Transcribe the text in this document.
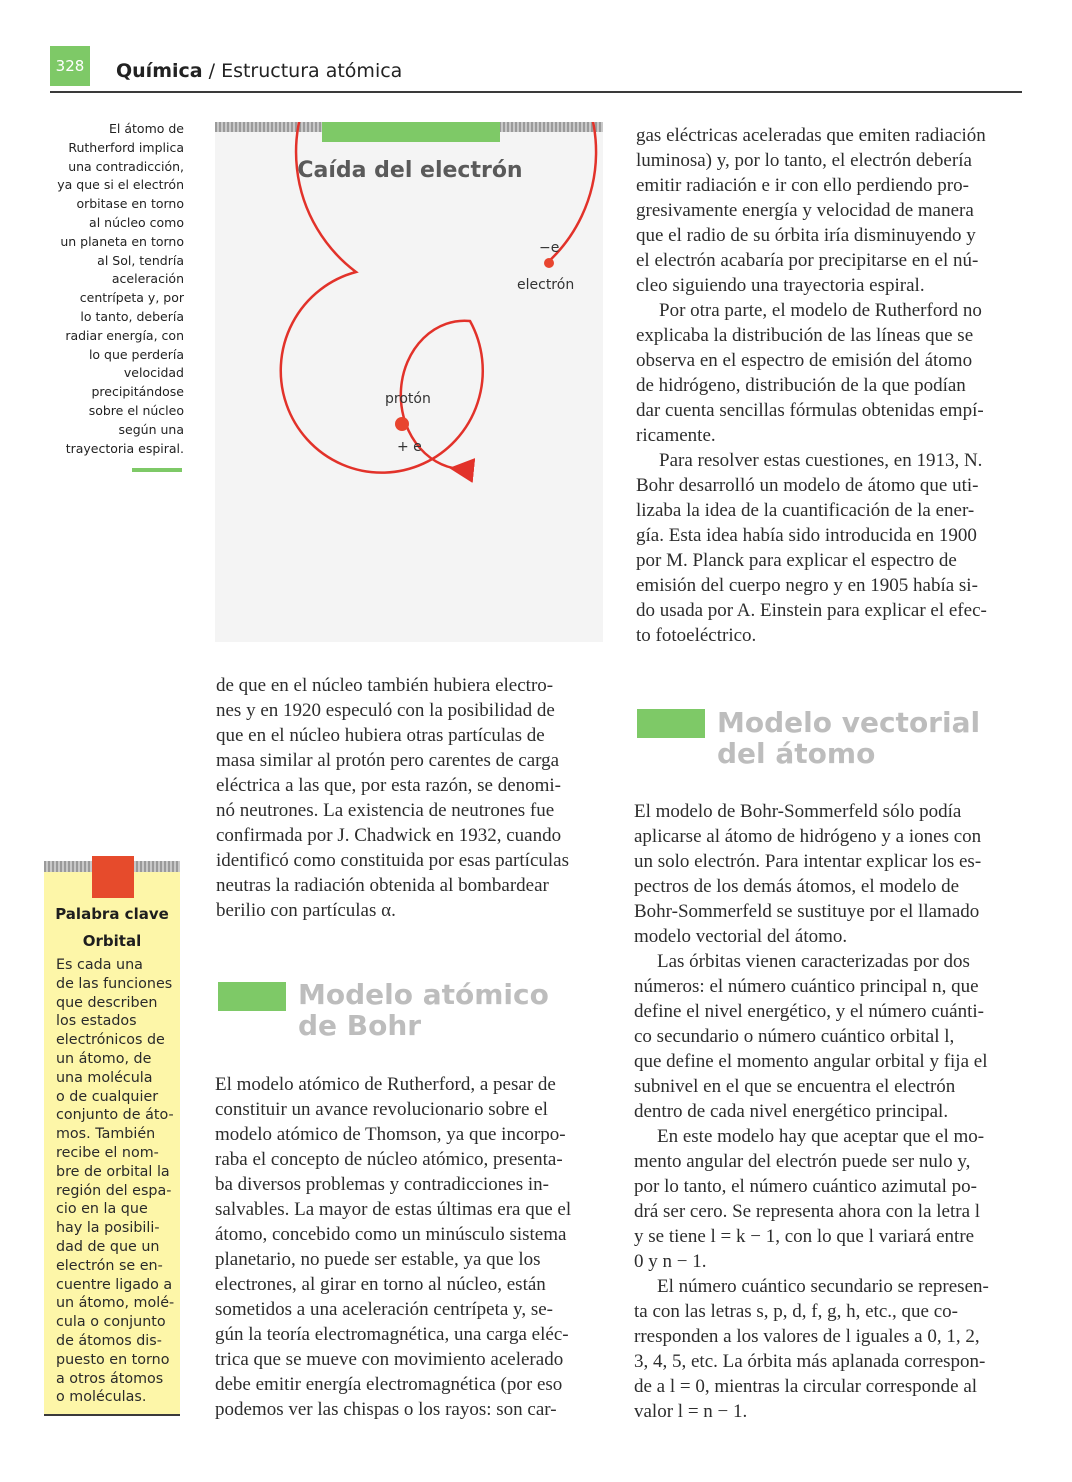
328 Química / Estructura atómica
El átomo de
Rutherford implica
una contradicción,
ya que si el electrón
orbitase en torno
al núcleo como
un planeta en torno
al Sol, tendría
aceleración
centrípeta y, por
lo tanto, debería
radiar energía, con
lo que perdería
velocidad
precipitándose
sobre el núcleo
según una
trayectoria espiral.
Caída del electrón
−e
electrón
protón
+ e

de que en el núcleo también hubiera electro-

nes y en 1920 especuló con la posibilidad de

que en el núcleo hubiera otras partículas de

masa similar al protón pero carentes de carga

eléctrica a las que, por esta razón, se denomi-

nó neutrones. La existencia de neutrones fue

confirmada por J. Chadwick en 1932, cuando

identificó como constituida por esas partículas

neutras la radiación obtenida al bombardear

berilio con partículas α.

Modelo atómico
de Bohr

El modelo atómico de Rutherford, a pesar de

constituir un avance revolucionario sobre el

modelo atómico de Thomson, ya que incorpo-

raba el concepto de núcleo atómico, presenta-

ba diversos problemas y contradicciones in-

salvables. La mayor de estas últimas era que el

átomo, concebido como un minúsculo sistema

planetario, no puede ser estable, ya que los

electrones, al girar en torno al núcleo, están

sometidos a una aceleración centrípeta y, se-

gún la teoría electromagnética, una carga eléc-

trica que se mueve con movimiento acelerado

debe emitir energía electromagnética (por eso

podemos ver las chispas o los rayos: son car-

gas eléctricas aceleradas que emiten radiación

luminosa) y, por lo tanto, el electrón debería

emitir radiación e ir con ello perdiendo pro-

gresivamente energía y velocidad de manera

que el radio de su órbita iría disminuyendo y

el electrón acabaría por precipitarse en el nú-

cleo siguiendo una trayectoria espiral.

Por otra parte, el modelo de Rutherford no

explicaba la distribución de las líneas que se

observa en el espectro de emisión del átomo

de hidrógeno, distribución de la que podían

dar cuenta sencillas fórmulas obtenidas empí-

ricamente.

Para resolver estas cuestiones, en 1913, N.

Bohr desarrolló un modelo de átomo que uti-

lizaba la idea de la cuantificación de la ener-

gía. Esta idea había sido introducida en 1900

por M. Planck para explicar el espectro de

emisión del cuerpo negro y en 1905 había si-

do usada por A. Einstein para explicar el efec-

to fotoeléctrico.

Modelo vectorial
del átomo

El modelo de Bohr-Sommerfeld sólo podía

aplicarse al átomo de hidrógeno y a iones con

un solo electrón. Para intentar explicar los es-

pectros de los demás átomos, el modelo de

Bohr-Sommerfeld se sustituye por el llamado

modelo vectorial del átomo.

Las órbitas vienen caracterizadas por dos

números: el número cuántico principal n, que

define el nivel energético, y el número cuánti-

co secundario o número cuántico orbital l,

que define el momento angular orbital y fija el

subnivel en el que se encuentra el electrón

dentro de cada nivel energético principal.

En este modelo hay que aceptar que el mo-

mento angular del electrón puede ser nulo y,

por lo tanto, el número cuántico azimutal po-

drá ser cero. Se representa ahora con la letra l

y se tiene l = k − 1, con lo que l variará entre

0 y n − 1.

El número cuántico secundario se represen-

ta con las letras s, p, d, f, g, h, etc., que co-

rresponden a los valores de l iguales a 0, 1, 2,

3, 4, 5, etc. La órbita más aplanada correspon-

de a l = 0, mientras la circular corresponde al

valor l = n − 1.

Palabra clave
Orbital
Es cada una
de las funciones
que describen
los estados
electrónicos de
un átomo, de
una molécula
o de cualquier
conjunto de áto-
mos. También
recibe el nom-
bre de orbital la
región del espa-
cio en la que
hay la posibili-
dad de que un
electrón se en-
cuentre ligado a
un átomo, molé-
cula o conjunto
de átomos dis-
puesto en torno
a otros átomos
o moléculas.
